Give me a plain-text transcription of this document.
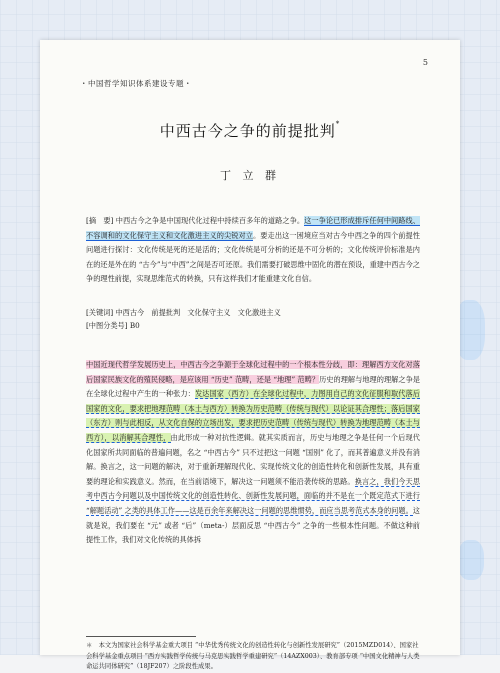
5
・中国哲学知识体系建设专题・
中西古今之争的前提批判*
丁 立 群

[摘　要] 中西古今之争是中国现代化过程中持续百多年的道路之争。这一争论已形成排斥任何中间路线、不容调和的文化保守主义和文化激进主义的尖锐对立。要走出这一困境应当对古今中西之争的四个前提性问题进行探讨：文化传统是死的还是活的；文化传统是可分析的还是不可分析的；文化传统评价标准是内在的还是外在的 “古今”与“中西”之间是否可还原。我们需要打破思维中固化的潜在预设，重建中西古今之争的理性前提，实现思维范式的转换，只有这样我们才能重建文化自信。

[关键词] 中西古今　前提批判　文化保守主义　文化激进主义
[中图分类号] B0
中国近现代哲学发展历史上，中西古今之争源于全球化过程中的一个根本性分歧，即：理解西方文化对落后国家民族文化的殖民侵略，是应该用 “历史” 范畴，还是 “地理” 范畴？历史的理解与地理的理解之争是在全球化过程中产生的一种张力：发达国家（西方）在全球化过程中，力图用自己的文化征服和取代落后国家的文化，要求把地理范畴（本土与西方）转换为历史范畴（传统与现代）以论证其合理性；落后国家（东方）则与此相反，从文化自保的立场出发，要求把历史范畴（传统与现代）转换为地理范畴（本土与西方），以消解其合理性，由此形成一种对抗性逻辑。就其实质而言，历史与地理之争是任何一个后现代化国家所共同面临的普遍问题，名之 “中西古今” 只不过把这一问题 “国别” 化了，而其普遍意义并没有消解。换言之，这一问题的解决，对于重新理解现代化、实现传统文化的创造性转化和创新性发展，具有重要的理论和实践意义。然而，在当前语境下，解决这一问题须不能沿袭传统的思路。换言之，我们今天思考中西古今问题以及中国传统文化的创造性转化、创新性发展问题，面临的并不是在一个既定范式下进行 “解题活动” 之类的具体工作——这是百余年来解决这一问题的思维惯势，而应当思考范式本身的问题。这就是说，我们要在 “元” 或者 “后”（meta-）层面反思 “中西古今” 之争的一些根本性问题。不做这种前提性工作，我们对文化传统的具体拆
＊　本文为国家社会科学基金重大项目 “中华优秀传统文化的创造性转化与创新性发展研究”（2015MZD014）、国家社会科学基金重点项目 “西方实践哲学传统与马克思实践哲学重建研究”（14AZX003）、教育部专项 “中国文化精神与人类命运共同体研究”（18JF207）之阶段性成果。
